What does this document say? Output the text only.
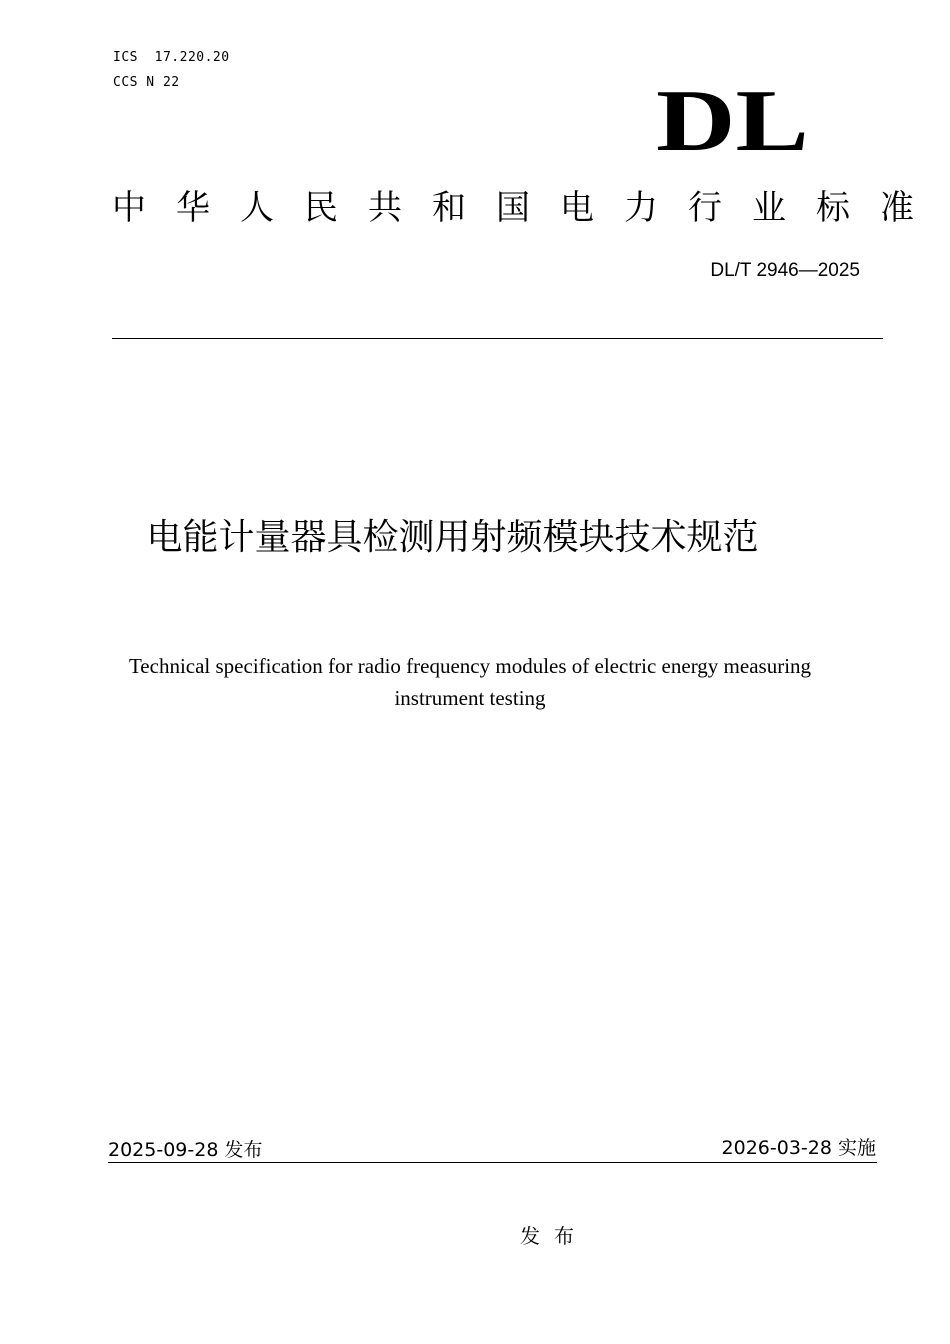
ICS  17.220.20
CCS N 22	DL
中华人民共和国电力行业标准
DL/T 2946—2025
电能计量器具检测用射频模块技术规范
Technical specification for radio frequency modules of electric energy measuring instrument testing
2025-09-28 发布	2026-03-28 实施
发布
